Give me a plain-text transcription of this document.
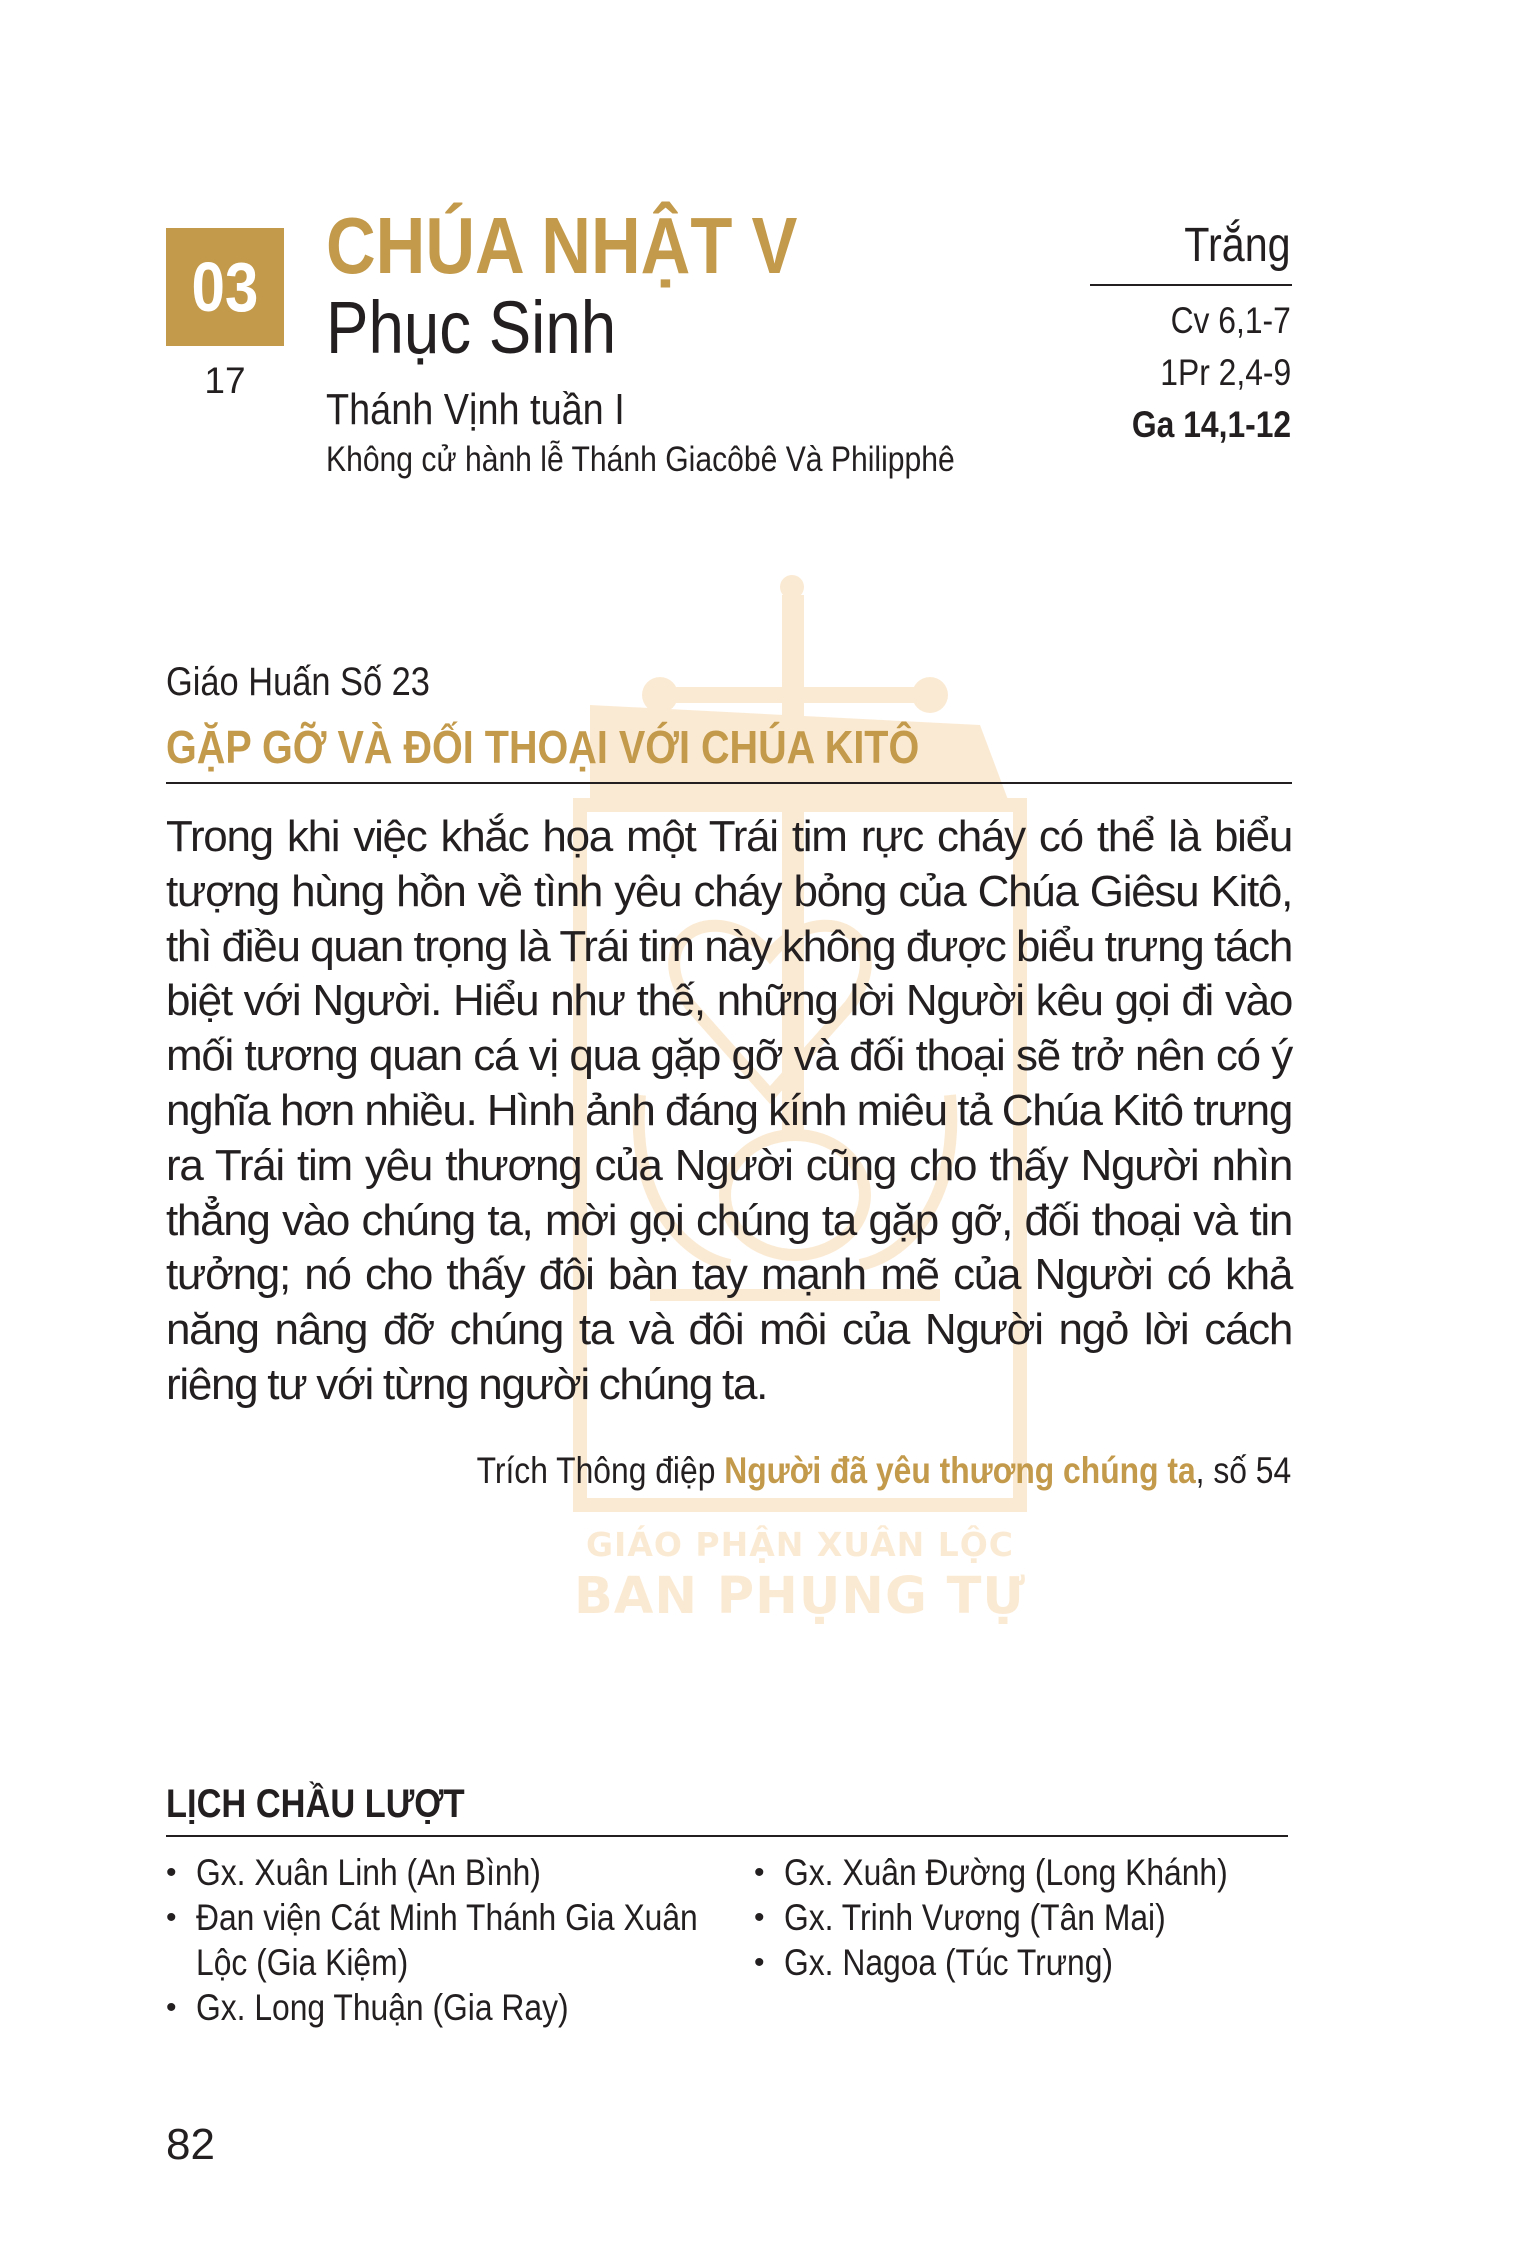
GIÁO PHẬN XUÂN LỘC
BAN PHỤNG TỰ
03
17
CHÚA NHẬT V
Phục Sinh
Thánh Vịnh tuần I
Không cử hành lễ Thánh Giacôbê Và Philipphê
Trắng
Cv 6,1-7
1Pr 2,4-9
Ga 14,1-12
Giáo Huấn Số 23
GẶP GỠ VÀ ĐỐI THOẠI VỚI CHÚA KITÔ
Trong khi việc khắc họa một Trái tim rực cháy có thể là biểu tượng hùng hồn về tình yêu cháy bỏng của Chúa Giêsu Kitô, thì điều quan trọng là Trái tim này không được biểu trưng tách biệt với Người. Hiểu như thế, những lời Người kêu gọi đi vào mối tương quan cá vị qua gặp gỡ và đối thoại sẽ trở nên có ý nghĩa hơn nhiều. Hình ảnh đáng kính miêu tả Chúa Kitô trưng ra Trái tim yêu thương của Người cũng cho thấy Người nhìn thẳng vào chúng ta, mời gọi chúng ta gặp gỡ, đối thoại và tin tưởng; nó cho thấy đôi bàn tay mạnh mẽ của Người có khả năng nâng đỡ chúng ta và đôi môi của Người ngỏ lời cách riêng tư với từng người chúng ta.
Trích Thông điệp Người đã yêu thương chúng ta, số 54
LỊCH CHẦU LƯỢT
• Gx. Xuân Linh (An Bình)
• Đan viện Cát Minh Thánh Gia Xuân Lộc (Gia Kiệm)
• Gx. Long Thuận (Gia Ray)
• Gx. Xuân Đường (Long Khánh)
• Gx. Trinh Vương (Tân Mai)
• Gx. Nagoa (Túc Trưng)
82
